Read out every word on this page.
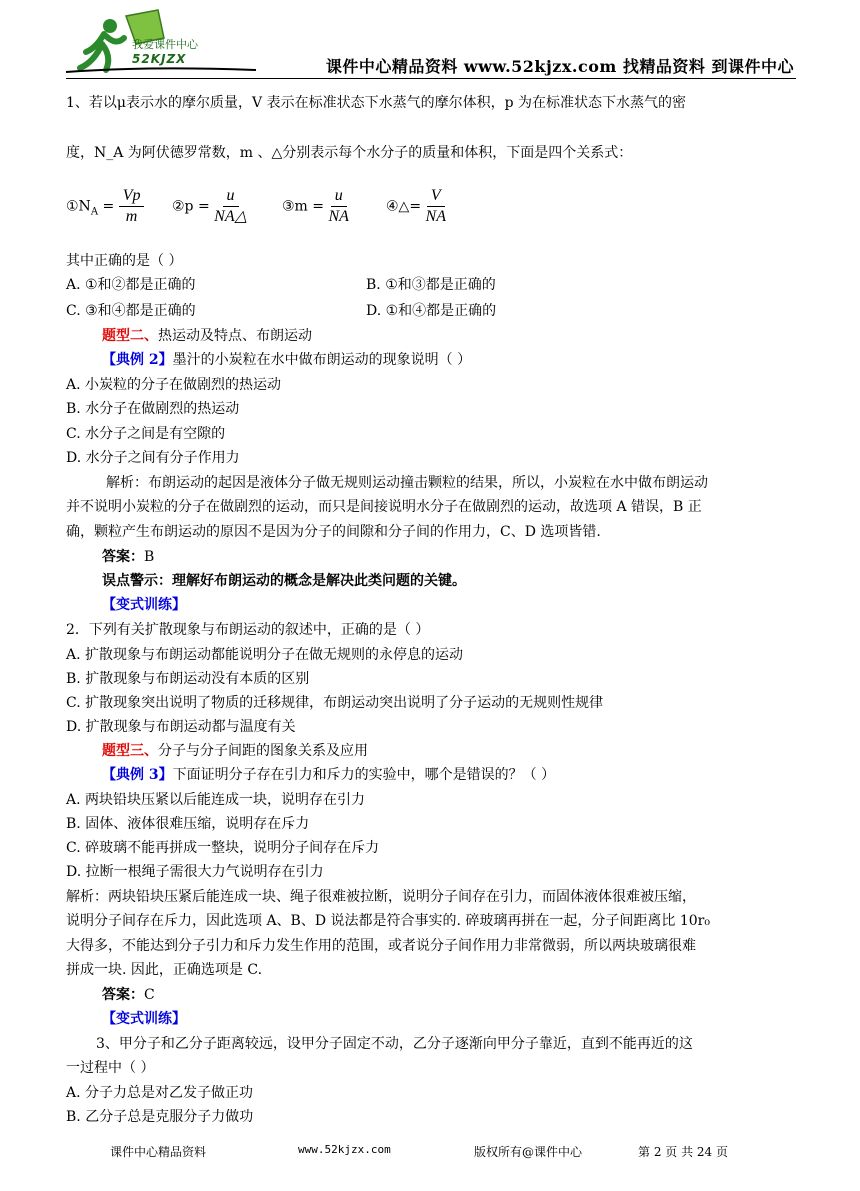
我爱课件中心
52KJZX	课件中心精品资料 www.52kjzx.com 找精品资料 到课件中心
1、若以μ表示水的摩尔质量，V 表示在标准状态下水蒸气的摩尔体积，p 为在标准状态下水蒸气的密
度，N_A 为阿伏德罗常数，m 、△分别表示每个水分子的质量和体积，下面是四个关系式：
$①N_A = \frac{Vp}{m}$ ②p = $\frac{u}{NA\triangle}$	③m = $\frac{u}{NA}$	④△= $\frac{V}{NA}$
其中正确的是（ ）
A. ①和②都是正确的	B. ①和③都是正确的
C. ③和④都是正确的	D. ①和④都是正确的
题型二、热运动及特点、布朗运动
【典例 2】墨汁的小炭粒在水中做布朗运动的现象说明（ ）
A. 小炭粒的分子在做剧烈的热运动
B. 水分子在做剧烈的热运动
C. 水分子之间是有空隙的
D. 水分子之间有分子作用力
解析：布朗运动的起因是液体分子做无规则运动撞击颗粒的结果，所以，小炭粒在水中做布朗运动
并不说明小炭粒的分子在做剧烈的运动，而只是间接说明水分子在做剧烈的运动，故选项 A 错误，B 正
确，颗粒产生布朗运动的原因不是因为分子的间隙和分子间的作用力，C、D 选项皆错.
答案：B
误点警示：理解好布朗运动的概念是解决此类问题的关键。
【变式训练】
2．下列有关扩散现象与布朗运动的叙述中，正确的是（ ）
A. 扩散现象与布朗运动都能说明分子在做无规则的永停息的运动
B. 扩散现象与布朗运动没有本质的区别
C. 扩散现象突出说明了物质的迁移规律，布朗运动突出说明了分子运动的无规则性规律
D. 扩散现象与布朗运动都与温度有关
题型三、分子与分子间距的图象关系及应用
【典例 3】下面证明分子存在引力和斥力的实验中，哪个是错误的？（ ）
A. 两块铅块压紧以后能连成一块，说明存在引力
B. 固体、液体很难压缩，说明存在斥力
C. 碎玻璃不能再拼成一整块，说明分子间存在斥力
D. 拉断一根绳子需很大力气说明存在引力
解析：两块铅块压紧后能连成一块、绳子很难被拉断，说明分子间存在引力，而固体液体很难被压缩，
说明分子间存在斥力，因此选项 A、B、D 说法都是符合事实的. 碎玻璃再拼在一起，分子间距离比 10r₀
大得多，不能达到分子引力和斥力发生作用的范围，或者说分子间作用力非常微弱，所以两块玻璃很难
拼成一块. 因此，正确选项是 C.
答案：C
【变式训练】
3、甲分子和乙分子距离较远，设甲分子固定不动，乙分子逐渐向甲分子靠近，直到不能再近的这
一过程中（ ）
A. 分子力总是对乙发子做正功
B. 乙分子总是克服分子力做功
课件中心精品资料	www.52kjzx.com	版权所有@课件中心	第 2 页 共 24 页
